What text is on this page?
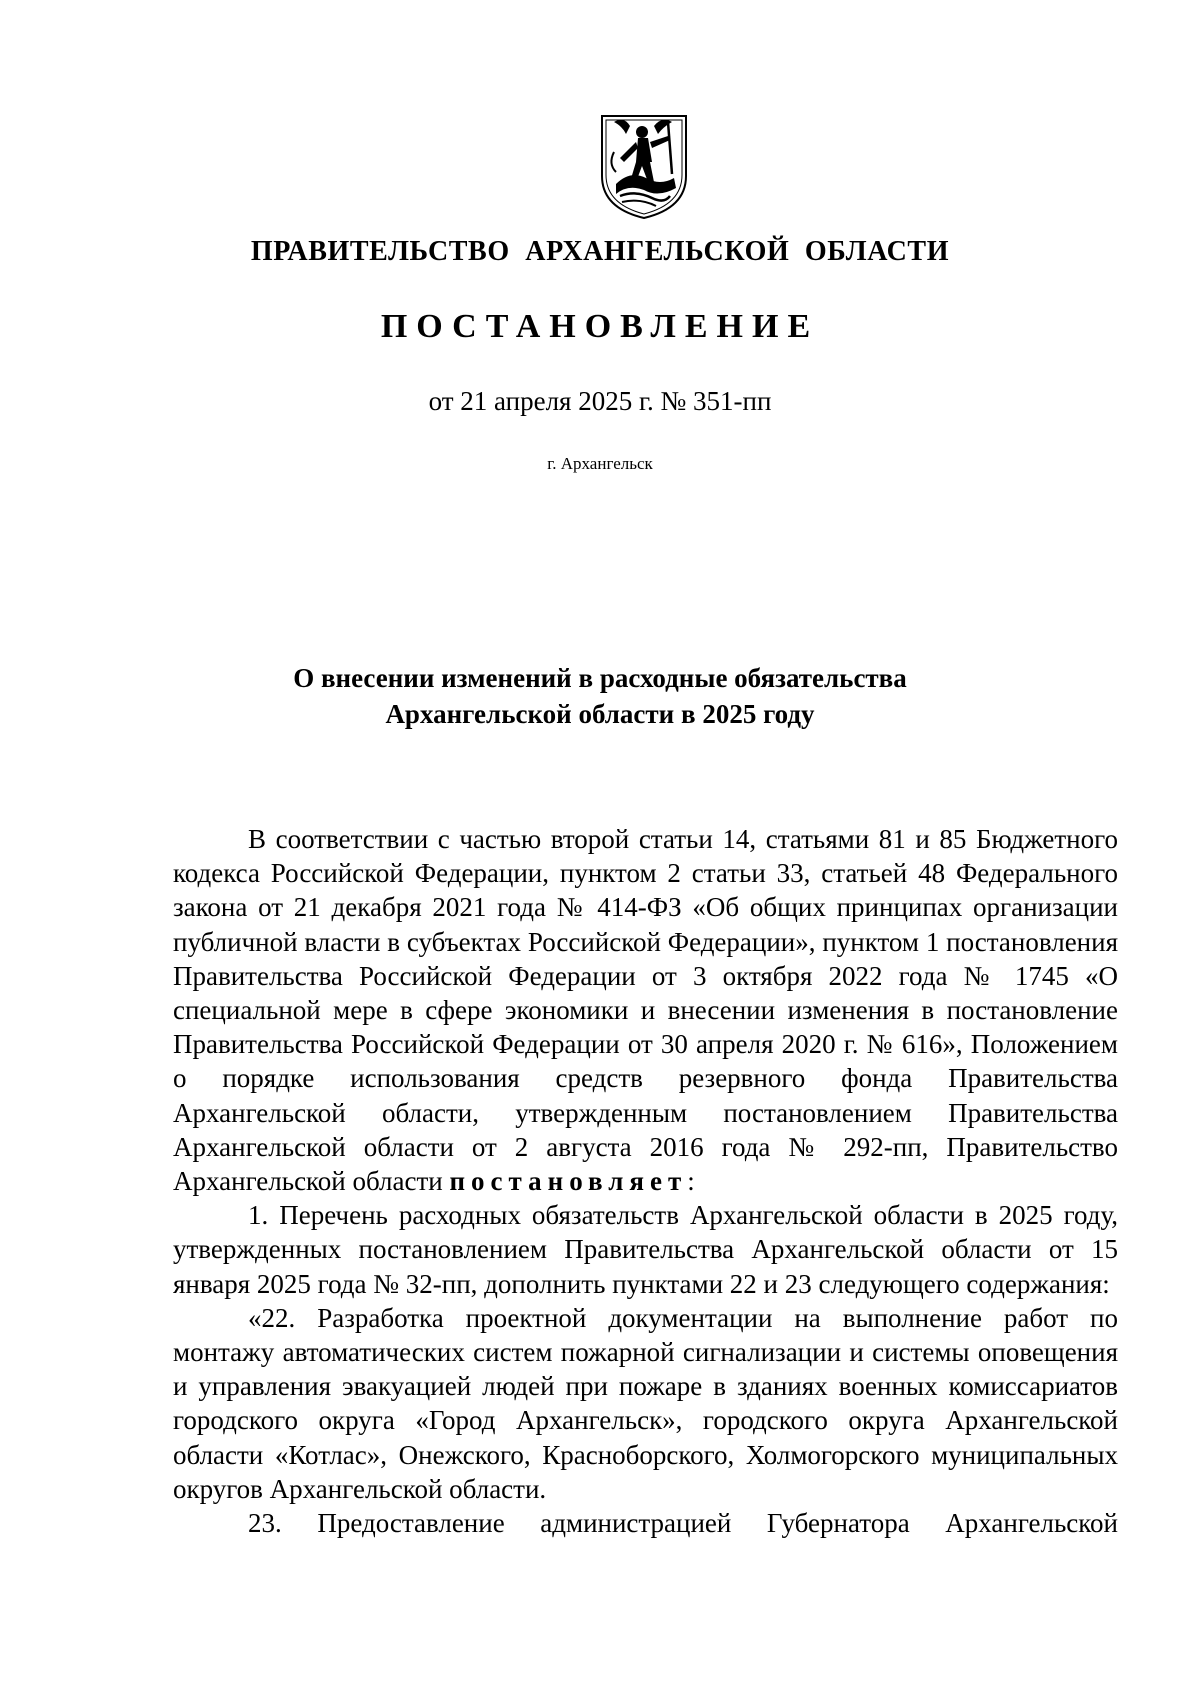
ПРАВИТЕЛЬСТВО АРХАНГЕЛЬСКОЙ ОБЛАСТИ
ПОСТАНОВЛЕНИЕ
от 21 апреля 2025 г. № 351-пп
г. Архангельск
О внесении изменений в расходные обязательства
Архангельской области в 2025 году

В соответствии с частью второй статьи 14, статьями 81 и 85 Бюджетного кодекса Российской Федерации, пунктом 2 статьи 33, статьей 48 Федерального закона от 21 декабря 2021 года № 414-ФЗ «Об общих принципах организации публичной власти в субъектах Российской Федерации», пунктом 1 постановления Правительства Российской Федерации от 3 октября 2022 года № 1745 «О специальной мере в сфере экономики и внесении изменения в постановление Правительства Российской Федерации от 30 апреля 2020 г. № 616», Положением о порядке использования средств резервного фонда Правительства Архангельской области, утвержденным постановлением Правительства Архангельской области от 2 августа 2016 года № 292-пп, Правительство Архангельской области постановляет:

1. Перечень расходных обязательств Архангельской области в 2025 году, утвержденных постановлением Правительства Архангельской области от 15 января 2025 года № 32-пп, дополнить пунктами 22 и 23 следующего содержания:

«22. Разработка проектной документации на выполнение работ по монтажу автоматических систем пожарной сигнализации и системы оповещения и управления эвакуацией людей при пожаре в зданиях военных комиссариатов городского округа «Город Архангельск», городского округа Архангельской области «Котлас», Онежского, Красноборского, Холмогорского муниципальных округов Архангельской области.

23. Предоставление администрацией Губернатора Архангельской
